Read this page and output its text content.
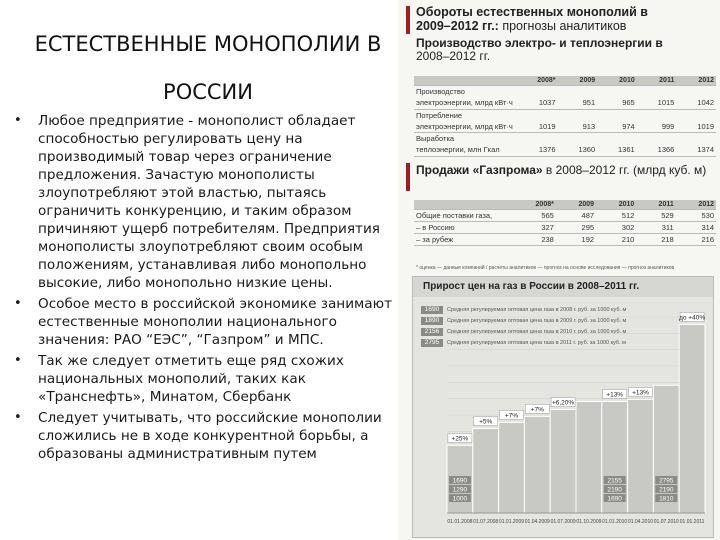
ЕСТЕСТВЕННЫЕ МОНОПОЛИИ В
РОССИИ
• Любое предприятие - монополист обладает способностью регулировать цену на производимый товар через ограничение предложения. Зачастую монополисты злоупотребляют этой властью, пытаясь ограничить конкуренцию, и таким образом причиняют ущерб потребителям. Предприятия монополисты злоупотребляют своим особым положениям, устанавливая либо монопольно высокие, либо монопольно низкие цены.
• Особое место в российской экономике занимают естественные монополии национального значения: РАО “ЕЭС”, “Газпром” и МПС.
• Так же следует отметить еще ряд схожих национальных монополий, таких как «Транснефть», Минатом, Сбербанк
• Следует учитывать, что российские монополии сложились не в ходе конкурентной борьбы, а образованы административным путем
Обороты естественных монополий в
2009–2012 гг.: прогнозы аналитиков
Производство электро- и теплоэнергии в
2008–2012 гг.
	2008*	2009	2010	2011	2012
Производство					
электроэнергии, млрд кВт·ч	1037	951	965	1015	1042
Потребление					
электроэнергии, млрд кВт·ч	1019	913	974	999	1019
Выработка					
теплоэнергии, млн Гкал	1376	1360	1361	1366	1374
Продажи «Газпрома» в 2008–2012 гг. (млрд куб. м)
	2008*	2009	2010	2011	2012
Общие поставки газа,	565	487	512	529	530
– в Россию	327	295	302	311	314
– за рубеж	238	192	210	218	216
* оценка — данные компаний / расчеты аналитиков — прогноз на основе исследования — прогноз аналитиков
Прирост цен на газ в России в 2008–2011 гг.
1690	Средняя регулируемая оптовая цена газа в 2008 г. руб. за 1000 куб. м
1890	Средняя регулируемая оптовая цена газа в 2009 г. руб. за 1000 куб. м
2156	Средняя регулируемая оптовая цена газа в 2010 г. руб. за 1000 куб. м
2795	Средняя регулируемая оптовая цена газа в 2011 г. руб. за 1000 куб. м
+25%
+5%
+7%
+7%
+6,20%
+13% +13%
до +40%
1690
1290
1000
2155
2190
1690
2795
2190
1810
01.01.2008 01.07.2008 01.01.2009 01.04.2009 01.07.2009 01.10.2009 01.01.2010 01.04.2010 01.07.2010 01.01.2011
